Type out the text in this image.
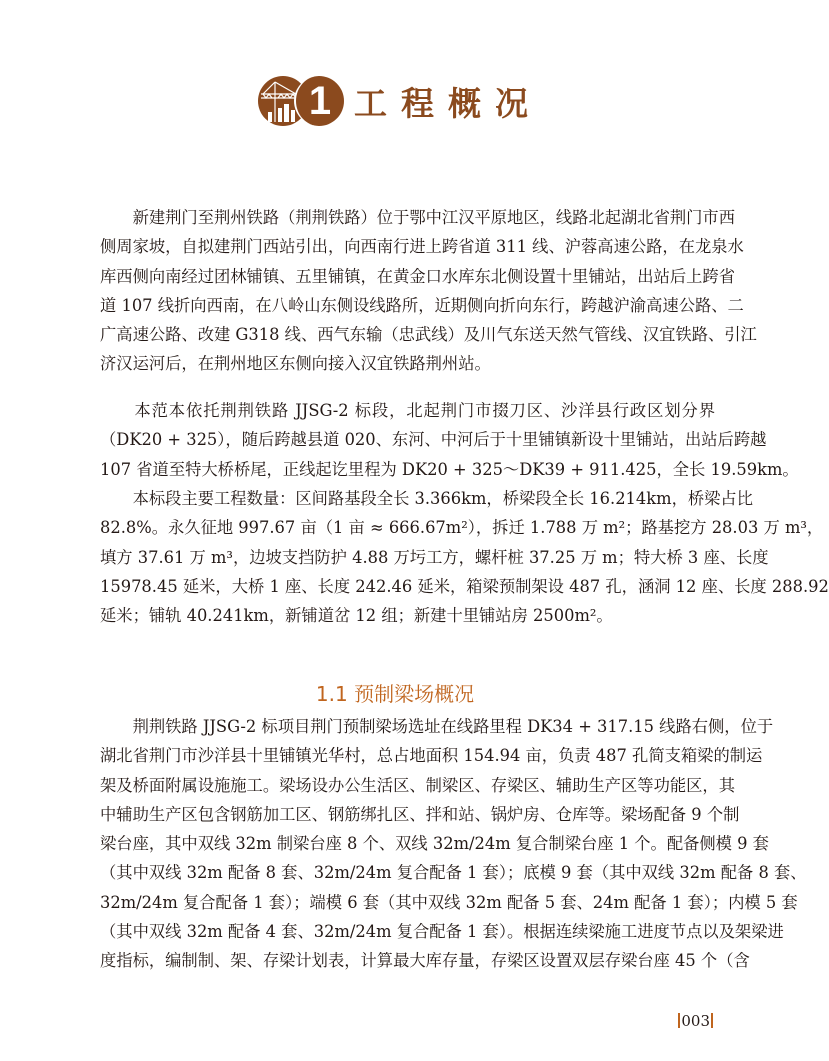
1 工程概况
　　新建荆门至荆州铁路（荆荆铁路）位于鄂中江汉平原地区，线路北起湖北省荆门市西
侧周家坡，自拟建荆门西站引出，向西南行进上跨省道 311 线、沪蓉高速公路，在龙泉水
库西侧向南经过团林铺镇、五里铺镇，在黄金口水库东北侧设置十里铺站，出站后上跨省
道 107 线折向西南，在八岭山东侧设线路所，近期侧向折向东行，跨越沪渝高速公路、二
广高速公路、改建 G318 线、西气东输（忠武线）及川气东送天然气管线、汉宜铁路、引江
济汉运河后，在荆州地区东侧向接入汉宜铁路荆州站。
　　本范本依托荆荆铁路 JJSG-2 标段，北起荆门市掇刀区、沙洋县行政区划分界
（DK20 + 325），随后跨越县道 020、东河、中河后于十里铺镇新设十里铺站，出站后跨越
107 省道至特大桥桥尾，正线起讫里程为 DK20 + 325～DK39 + 911.425，全长 19.59km。
　　本标段主要工程数量：区间路基段全长 3.366km，桥梁段全长 16.214km，桥梁占比
82.8%。永久征地 997.67 亩（1 亩 ≈ 666.67m²），拆迁 1.788 万 m²；路基挖方 28.03 万 m³，
填方 37.61 万 m³，边坡支挡防护 4.88 万圬工方，螺杆桩 37.25 万 m；特大桥 3 座、长度
15978.45 延米，大桥 1 座、长度 242.46 延米，箱梁预制架设 487 孔，涵洞 12 座、长度 288.92
延米；铺轨 40.241km，新铺道岔 12 组；新建十里铺站房 2500m²。
1.1 预制梁场概况
　　荆荆铁路 JJSG-2 标项目荆门预制梁场选址在线路里程 DK34 + 317.15 线路右侧，位于
湖北省荆门市沙洋县十里铺镇光华村，总占地面积 154.94 亩，负责 487 孔简支箱梁的制运
架及桥面附属设施施工。梁场设办公生活区、制梁区、存梁区、辅助生产区等功能区，其
中辅助生产区包含钢筋加工区、钢筋绑扎区、拌和站、锅炉房、仓库等。梁场配备 9 个制
梁台座，其中双线 32m 制梁台座 8 个、双线 32m/24m 复合制梁台座 1 个。配备侧模 9 套
（其中双线 32m 配备 8 套、32m/24m 复合配备 1 套）；底模 9 套（其中双线 32m 配备 8 套、
32m/24m 复合配备 1 套）；端模 6 套（其中双线 32m 配备 5 套、24m 配备 1 套）；内模 5 套
（其中双线 32m 配备 4 套、32m/24m 复合配备 1 套）。根据连续梁施工进度节点以及架梁进
度指标，编制制、架、存梁计划表，计算最大库存量，存梁区设置双层存梁台座 45 个（含
003
